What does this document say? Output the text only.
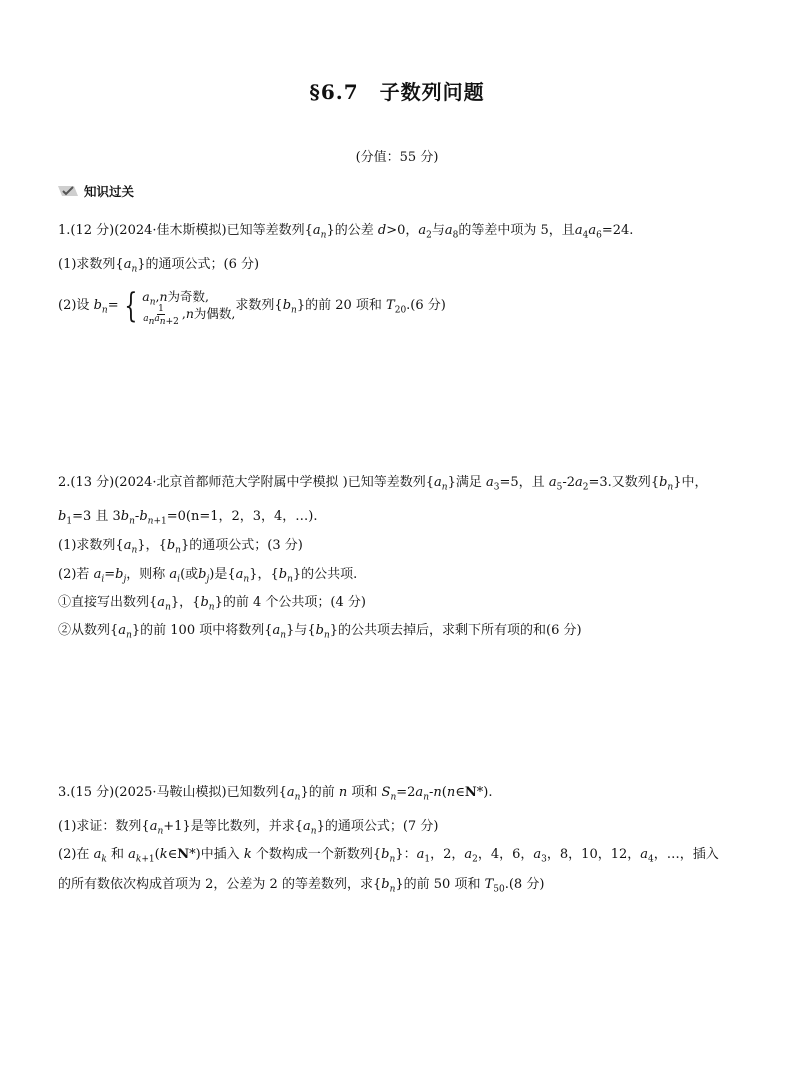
§6.7　子数列问题
(分值：55 分)
知识过关
1.(12 分)(2024·佳木斯模拟)已知等差数列$\{a_n\}$的公差 d>0，$a_2$与$a_8$的等差中项为 5，且$a_4a_6=24$.
(1)求数列$\{a_n\}$的通项公式；(6 分)
(2)设 $b_n=$ { $a_n,n$为奇数,
$\frac{1}{a_na_{n+2}} ,n$为偶数, 求数列$\{b_n\}$的前 20 项和 $T_{20}.(6$ 分)
2.(13 分)(2024·北京首都师范大学附属中学模拟 )已知等差数列$\{a_n\}$满足 $a_3=5$，且 $a_5-2a_2=3$.又数列$\{b_n\}$中，
$b_1=3$ 且 $3b_n-b_{n+1}=0(n=1$，2，3，4，…).
(1)求数列$\{a_n\}$，$\{b_n\}$的通项公式；(3 分)
(2)若 $a_i=b_j$，则称 $a_i$(或$b_j$)是$\{a_n\}$，$\{b_n\}$的公共项.
①直接写出数列$\{a_n\}$，$\{b_n\}$的前 4 个公共项；(4 分)
②从数列$\{a_n\}$的前 100 项中将数列$\{a_n\}$与$\{b_n\}$的公共项去掉后，求剩下所有项的和(6 分)
3.(15 分)(2025·马鞍山模拟)已知数列$\{a_n\}$的前 n 项和 $S_n=2a_n-n(n\in N*)$.
(1)求证：数列$\{a_n+1\}$是等比数列，并求$\{a_n\}$的通项公式；(7 分)
(2)在 $a_k$ 和 $a_{k+1}(k\in N*)$中插入 k 个数构成一个新数列$\{b_n\}$：$a_1$，2，$a_2$，4，6，$a_3$，8，10，12，$a_4$，…，插入
的所有数依次构成首项为 2，公差为 2 的等差数列，求$\{b_n\}$的前 50 项和 $T_{50}.(8$ 分)
